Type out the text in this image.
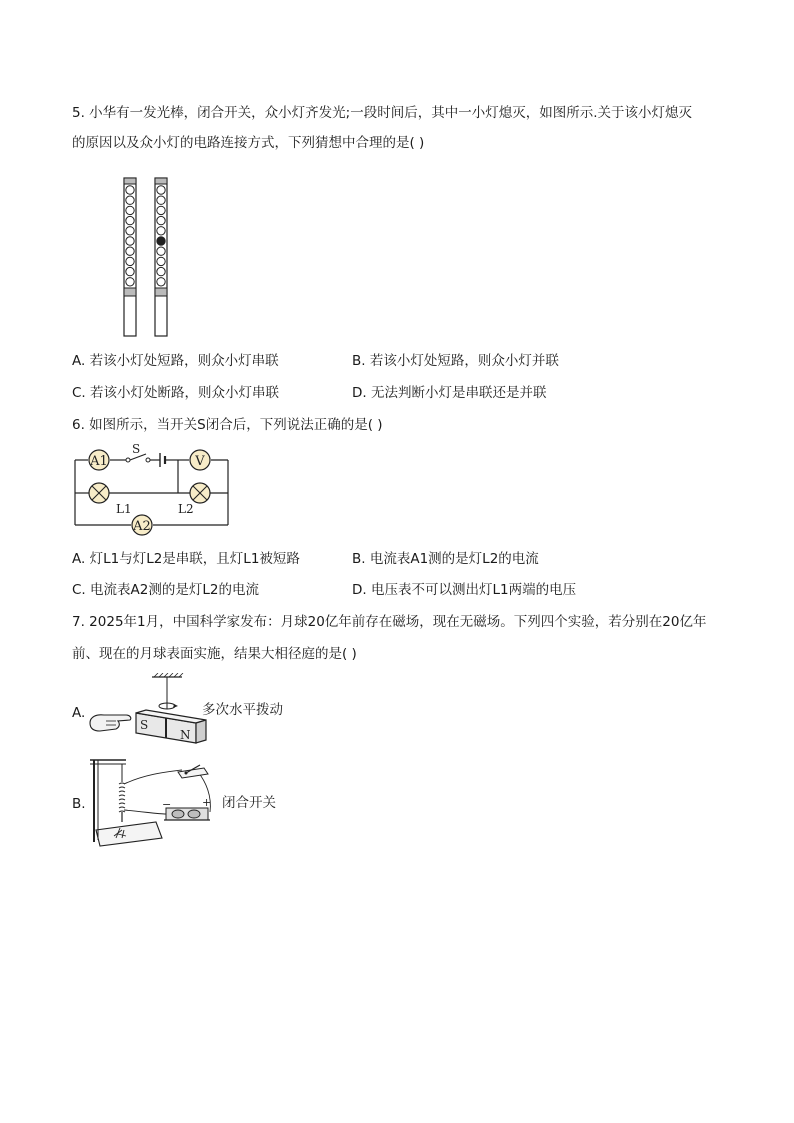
5. 小华有一发光棒，闭合开关，众小灯齐发光;一段时间后，其中一小灯熄灭，如图所示.关于该小灯熄灭
的原因以及众小灯的电路连接方式，下列猜想中合理的是( )
A. 若该小灯处短路，则众小灯串联	B. 若该小灯处短路，则众小灯并联
C. 若该小灯处断路，则众小灯串联	D. 无法判断小灯是串联还是并联
6. 如图所示，当开关S闭合后，下列说法正确的是( )
A1
S
V
L1	L2
A2
A. 灯L1与灯L2是串联，且灯L1被短路	B. 电流表A1测的是灯L2的电流
C. 电流表A2测的是灯L2的电流	D. 电压表不可以测出灯L1两端的电压
7. 2025年1月，中国科学家发布：月球20亿年前存在磁场，现在无磁场。下列四个实验，若分别在20亿年
前、现在的月球表面实施，结果大相径庭的是( )
A.
S
N
多次水平拨动
B.	−	+ 闭合开关
